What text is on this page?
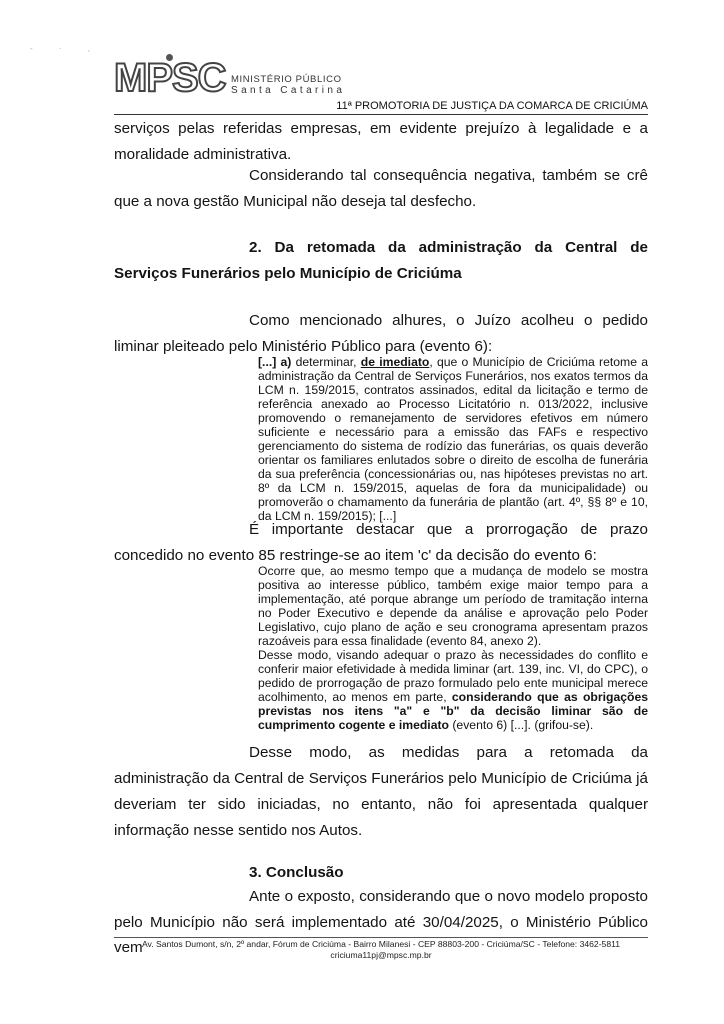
- · ,
MPSC MINISTÉRIO PÚBLICO
Santa Catarina
11ª PROMOTORIA DE JUSTIÇA DA COMARCA DE CRICIÚMA
serviços pelas referidas empresas, em evidente prejuízo à legalidade e a moralidade administrativa.
Considerando tal consequência negativa, também se crê que a nova gestão Municipal não deseja tal desfecho.
2. Da retomada da administração da Central de Serviços Funerários pelo Município de Criciúma
Como mencionado alhures, o Juízo acolheu o pedido liminar pleiteado pelo Ministério Público para (evento 6):
[...] a) determinar, de imediato, que o Município de Criciúma retome a administração da Central de Serviços Funerários, nos exatos termos da LCM n. 159/2015, contratos assinados, edital da licitação e termo de referência anexado ao Processo Licitatório n. 013/2022, inclusive promovendo o remanejamento de servidores efetivos em número suficiente e necessário para a emissão das FAFs e respectivo gerenciamento do sistema de rodízio das funerárias, os quais deverão orientar os familiares enlutados sobre o direito de escolha de funerária da sua preferência (concessionárias ou, nas hipóteses previstas no art. 8º da LCM n. 159/2015, aquelas de fora da municipalidade) ou promoverão o chamamento da funerária de plantão (art. 4º, §§ 8º e 10, da LCM n. 159/2015); [...]
É importante destacar que a prorrogação de prazo concedido no evento 85 restringe-se ao item 'c' da decisão do evento 6:
Ocorre que, ao mesmo tempo que a mudança de modelo se mostra positiva ao interesse público, também exige maior tempo para a implementação, até porque abrange um período de tramitação interna no Poder Executivo e depende da análise e aprovação pelo Poder Legislativo, cujo plano de ação e seu cronograma apresentam prazos razoáveis para essa finalidade (evento 84, anexo 2).
Desse modo, visando adequar o prazo às necessidades do conflito e conferir maior efetividade à medida liminar (art. 139, inc. VI, do CPC), o pedido de prorrogação de prazo formulado pelo ente municipal merece acolhimento, ao menos em parte, considerando que as obrigações previstas nos itens "a" e "b" da decisão liminar são de cumprimento cogente e imediato (evento 6) [...]. (grifou-se).
Desse modo, as medidas para a retomada da administração da Central de Serviços Funerários pelo Município de Criciúma já deveriam ter sido iniciadas, no entanto, não foi apresentada qualquer informação nesse sentido nos Autos.
3. Conclusão
Ante o exposto, considerando que o novo modelo proposto pelo Município não será implementado até 30/04/2025, o Ministério Público vem Av. Santos Dumont, s/n, 2º andar, Fórum de Criciúma - Bairro Milanesi - CEP 88803-200 - Criciúma/SC - Telefone: 3462-5811
criciuma11pj@mpsc.mp.br
